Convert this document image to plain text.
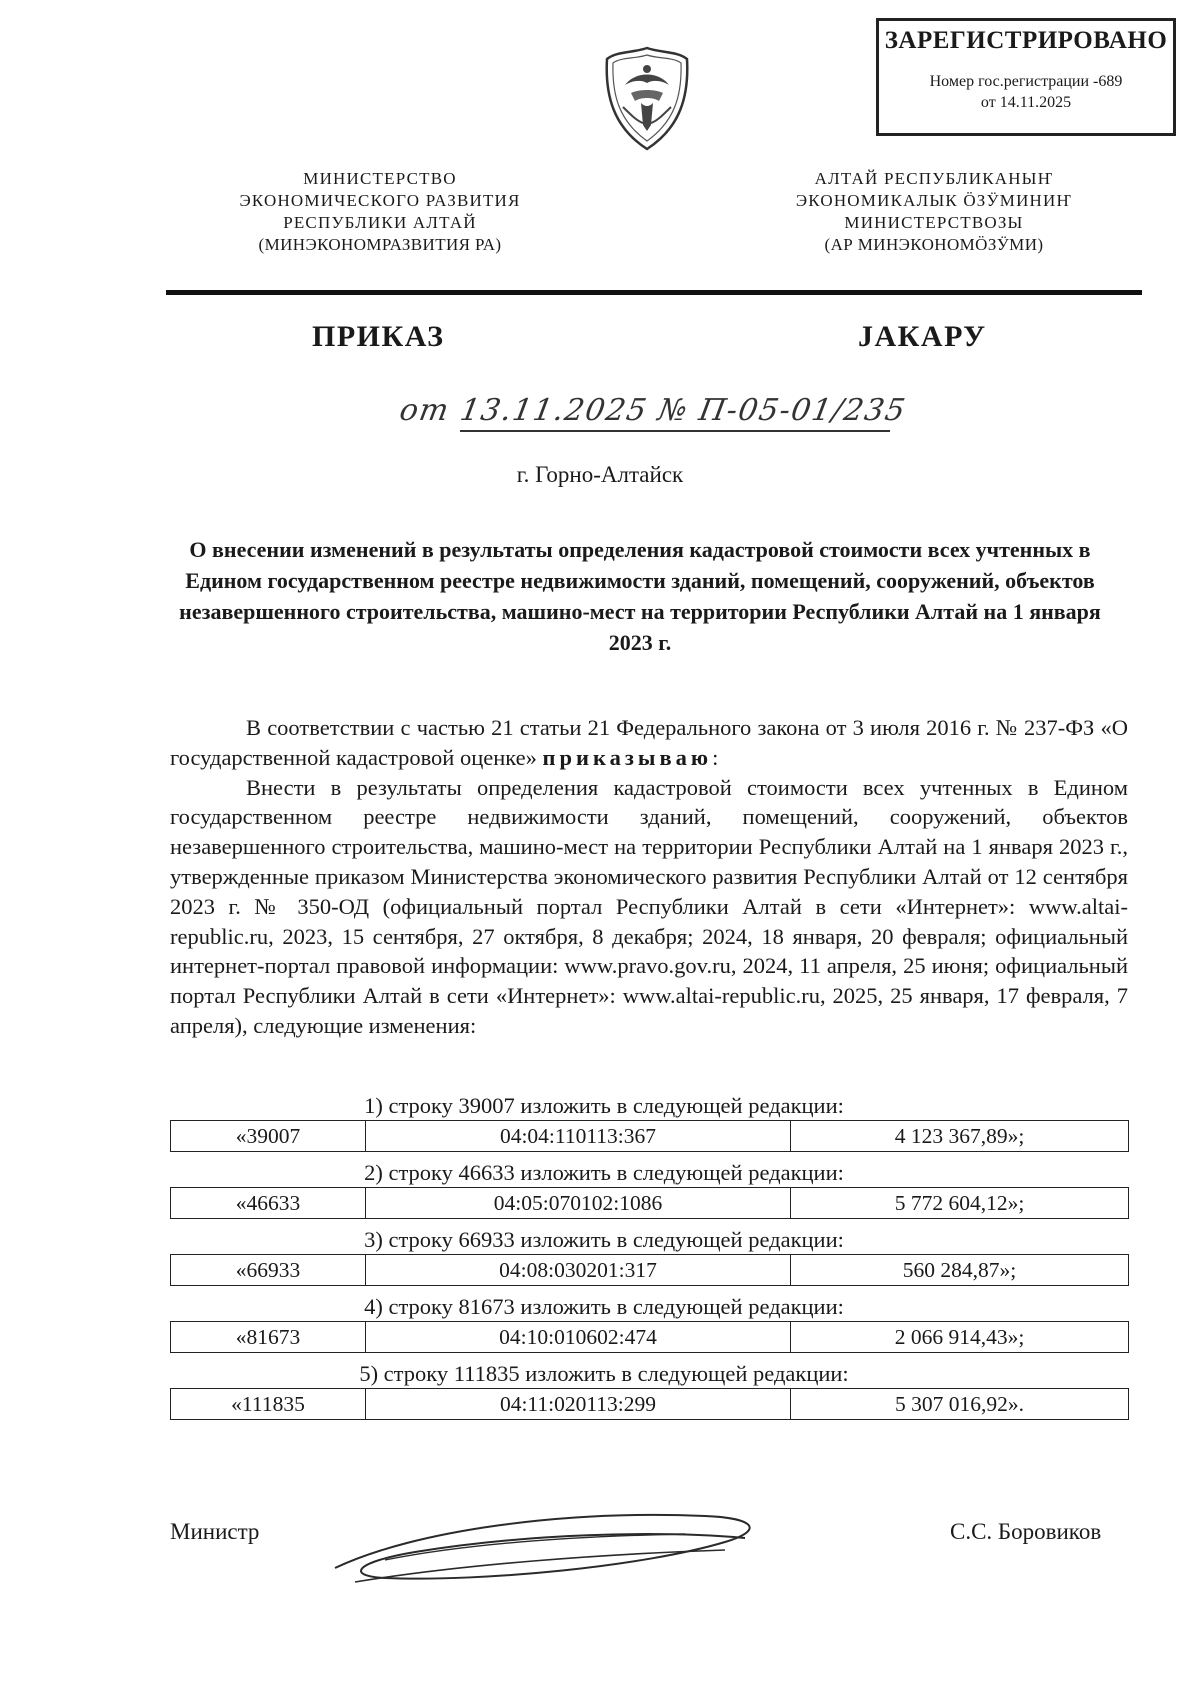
ЗАРЕГИСТРИРОВАНО
Номер гос.регистрации -689
от 14.11.2025
МИНИСТЕРСТВО
ЭКОНОМИЧЕСКОГО РАЗВИТИЯ
РЕСПУБЛИКИ АЛТАЙ
(МИНЭКОНОМРАЗВИТИЯ РА)
АЛТАЙ РЕСПУБЛИКАНЫҤ
ЭКОНОМИКАЛЫК ӦЗӰМИНИҤ
МИНИСТЕРСТВОЗЫ
(АР МИНЭКОНОМӦЗӰМИ)
ПРИКАЗ	JАКАРУ
от 13.11.2025 № П-05-01/235
г. Горно-Алтайск
О внесении изменений в результаты определения кадастровой стоимости всех учтенных в Едином государственном реестре недвижимости зданий, помещений, сооружений, объектов незавершенного строительства, машино-мест на территории Республики Алтай на 1 января 2023 г.

В соответствии с частью 21 статьи 21 Федерального закона от 3 июля 2016 г. № 237-ФЗ «О государственной кадастровой оценке» приказываю:

Внести в результаты определения кадастровой стоимости всех учтенных в Едином государственном реестре недвижимости зданий, помещений, сооружений, объектов незавершенного строительства, машино-мест на территории Республики Алтай на 1 января 2023 г., утвержденные приказом Министерства экономического развития Республики Алтай от 12 сентября 2023 г. № 350-ОД (официальный портал Республики Алтай в сети «Интернет»: www.altai-republic.ru, 2023, 15 сентября, 27 октября, 8 декабря; 2024, 18 января, 20 февраля; официальный интернет-портал правовой информации: www.pravo.gov.ru, 2024, 11 апреля, 25 июня; официальный портал Республики Алтай в сети «Интернет»: www.altai-republic.ru, 2025, 25 января, 17 февраля, 7 апреля), следующие изменения:

1) строку 39007 изложить в следующей редакции:
«39007	04:04:110113:367	4 123 367,89»;
2) строку 46633 изложить в следующей редакции:
«46633	04:05:070102:1086	5 772 604,12»;
3) строку 66933 изложить в следующей редакции:
«66933	04:08:030201:317	560 284,87»;
4) строку 81673 изложить в следующей редакции:
«81673	04:10:010602:474	2 066 914,43»;
5) строку 111835 изложить в следующей редакции:
«111835	04:11:020113:299	5 307 016,92».
Министр	С.С. Боровиков
